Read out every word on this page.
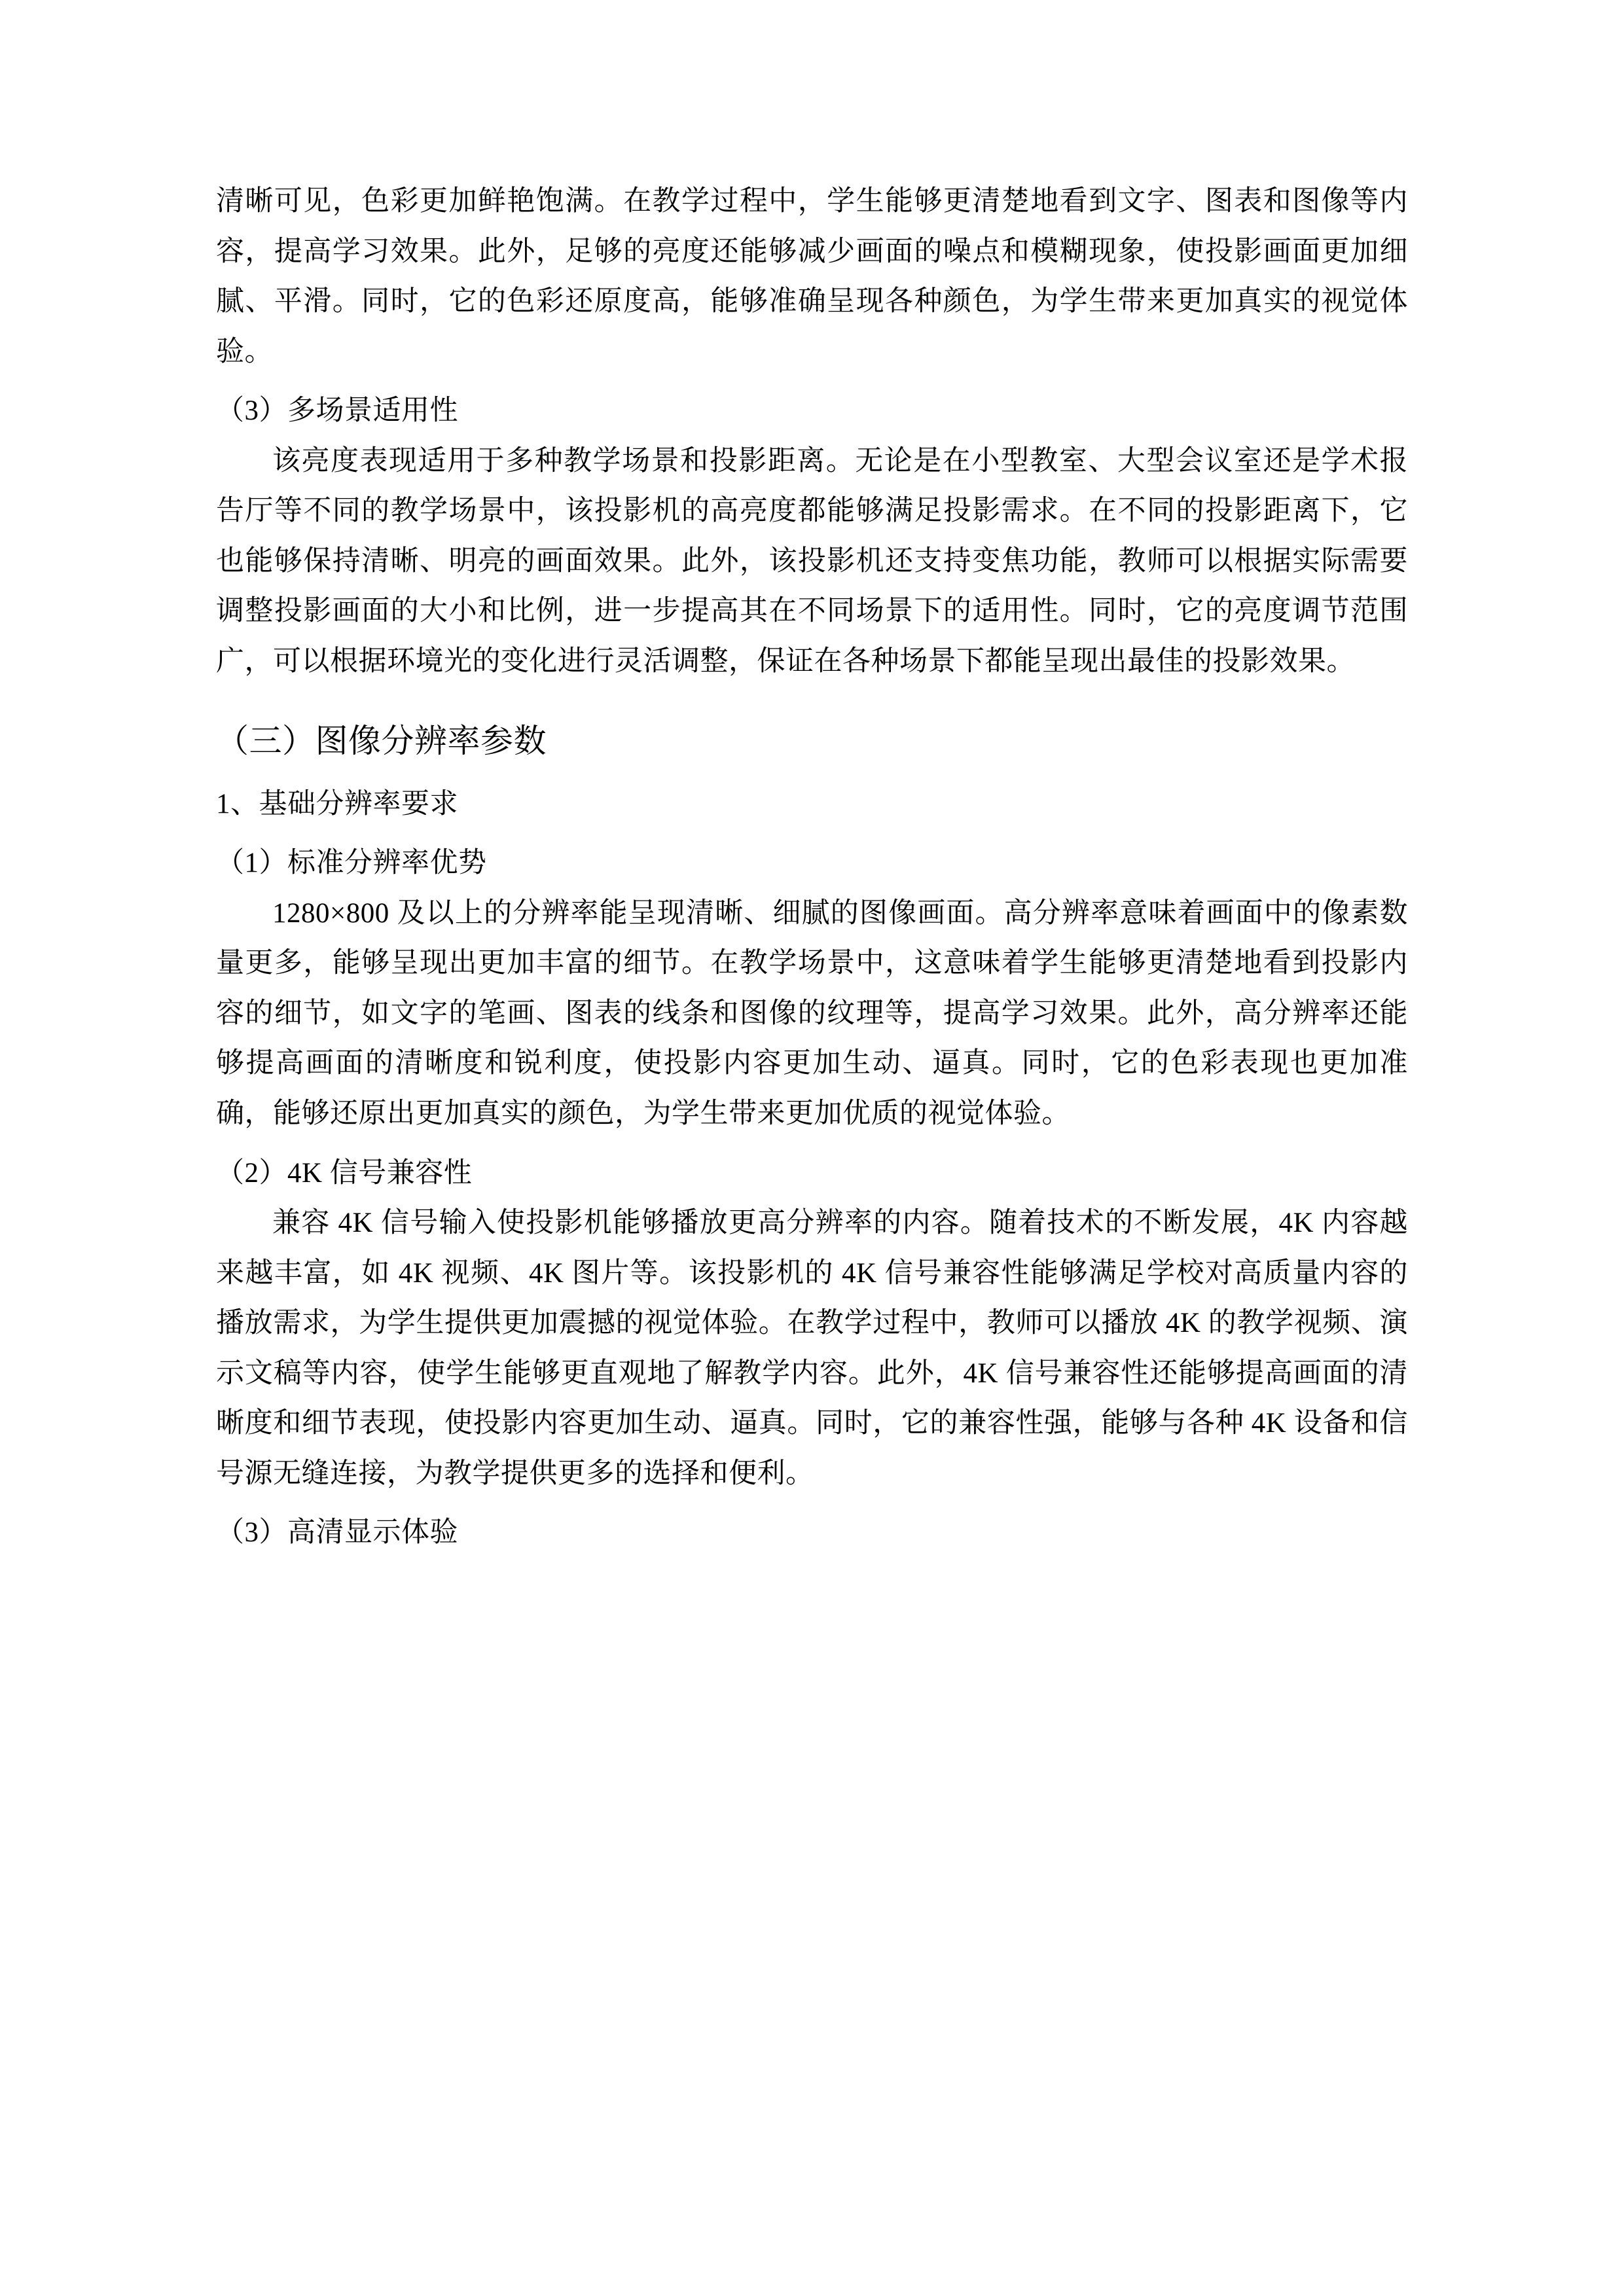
清晰可见，色彩更加鲜艳饱满。在教学过程中，学生能够更清楚地看到文字、图表和图像等内容，提高学习效果。此外，足够的亮度还能够减少画面的噪点和模糊现象，使投影画面更加细腻、平滑。同时，它的色彩还原度高，能够准确呈现各种颜色，为学生带来更加真实的视觉体验。

（3）多场景适用性

该亮度表现适用于多种教学场景和投影距离。无论是在小型教室、大型会议室还是学术报告厅等不同的教学场景中，该投影机的高亮度都能够满足投影需求。在不同的投影距离下，它也能够保持清晰、明亮的画面效果。此外，该投影机还支持变焦功能，教师可以根据实际需要调整投影画面的大小和比例，进一步提高其在不同场景下的适用性。同时，它的亮度调节范围广，可以根据环境光的变化进行灵活调整，保证在各种场景下都能呈现出最佳的投影效果。

（三）图像分辨率参数

1、基础分辨率要求

（1）标准分辨率优势

1280×800 及以上的分辨率能呈现清晰、细腻的图像画面。高分辨率意味着画面中的像素数量更多，能够呈现出更加丰富的细节。在教学场景中，这意味着学生能够更清楚地看到投影内容的细节，如文字的笔画、图表的线条和图像的纹理等，提高学习效果。此外，高分辨率还能够提高画面的清晰度和锐利度，使投影内容更加生动、逼真。同时，它的色彩表现也更加准确，能够还原出更加真实的颜色，为学生带来更加优质的视觉体验。

（2）4K 信号兼容性

兼容 4K 信号输入使投影机能够播放更高分辨率的内容。随着技术的不断发展，4K 内容越来越丰富，如 4K 视频、4K 图片等。该投影机的 4K 信号兼容性能够满足学校对高质量内容的播放需求，为学生提供更加震撼的视觉体验。在教学过程中，教师可以播放 4K 的教学视频、演示文稿等内容，使学生能够更直观地了解教学内容。此外，4K 信号兼容性还能够提高画面的清晰度和细节表现，使投影内容更加生动、逼真。同时，它的兼容性强，能够与各种 4K 设备和信号源无缝连接，为教学提供更多的选择和便利。

（3）高清显示体验
